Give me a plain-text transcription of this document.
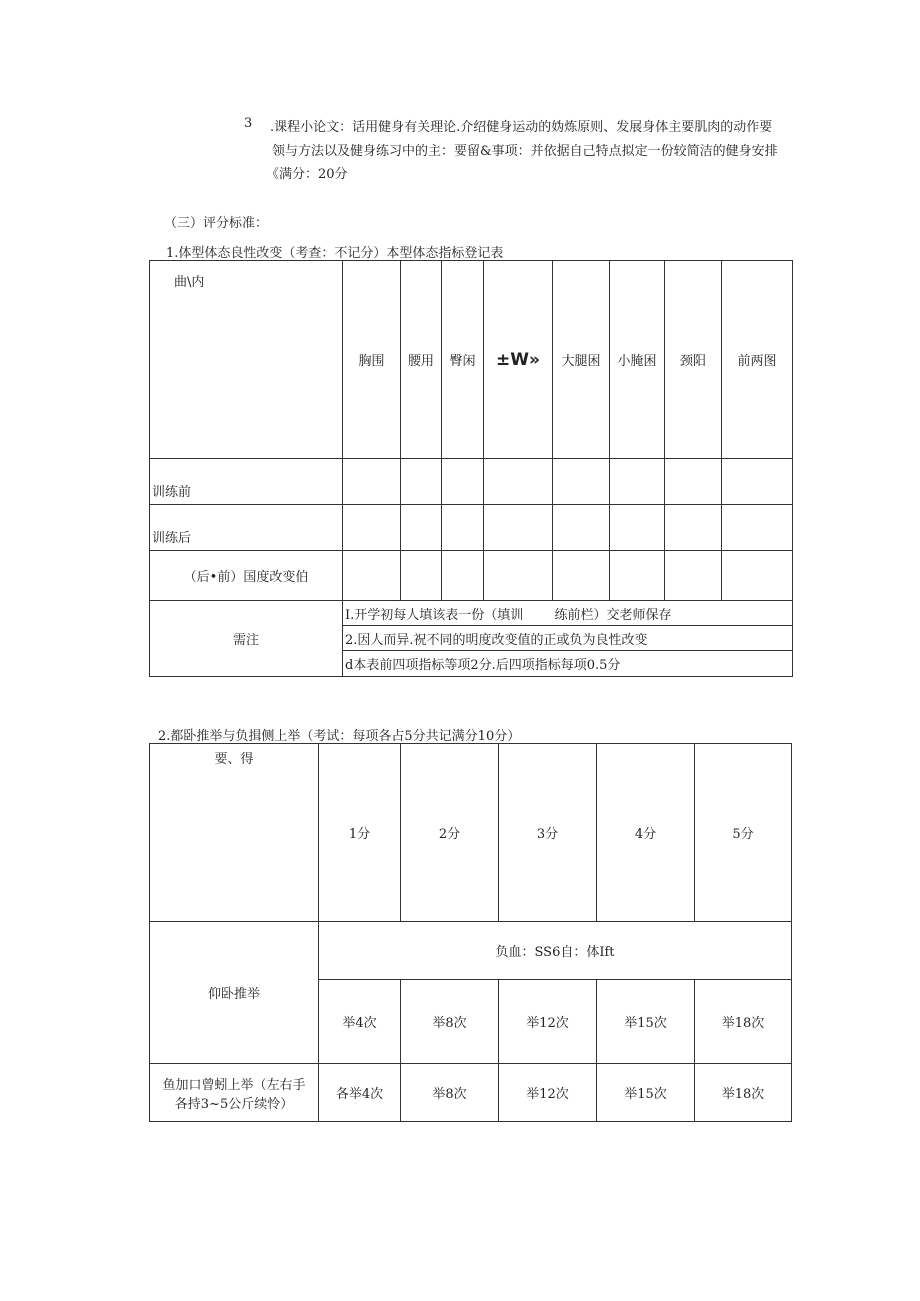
3 .课程小论文：话用健身有关理论.介绍健身运动的妫炼原则、发展身体主要肌肉的动作要
领与方法以及健身练习中的主：要留&事项：并依据自己特点拟定一份较简洁的健身安排
《满分：20分
（三）评分标准：
1.体型体态良性改变（考查：不记分）本型体态指标登记表
曲\内	胸围	腰用	臀闲	±W»	大腿困	小腌困	颈阳	前两图
训练前								
训练后								
（后•前）国度改变伯								
需注	I.开学初每人填该表一份（填训				练前栏）交老师保存			
	2.因人而异.祝不同的明度改变值的正或负为良性改变							
	d本表前四项指标等项2分.后四项指标每项0.5分							
2.都卧推举与负揖侧上举（考试：每项各占5分共记满分10分）
要、得	1分	2分	3分	4分	5分
仰卧推举	负血：SS6自：体Ift				
	举4次	举8次	举12次	举15次	举18次

鱼加口曾蚓上举（左右手
各持3~5公斤续怜）	各举4次	举8次	举12次	举15次	举18次
